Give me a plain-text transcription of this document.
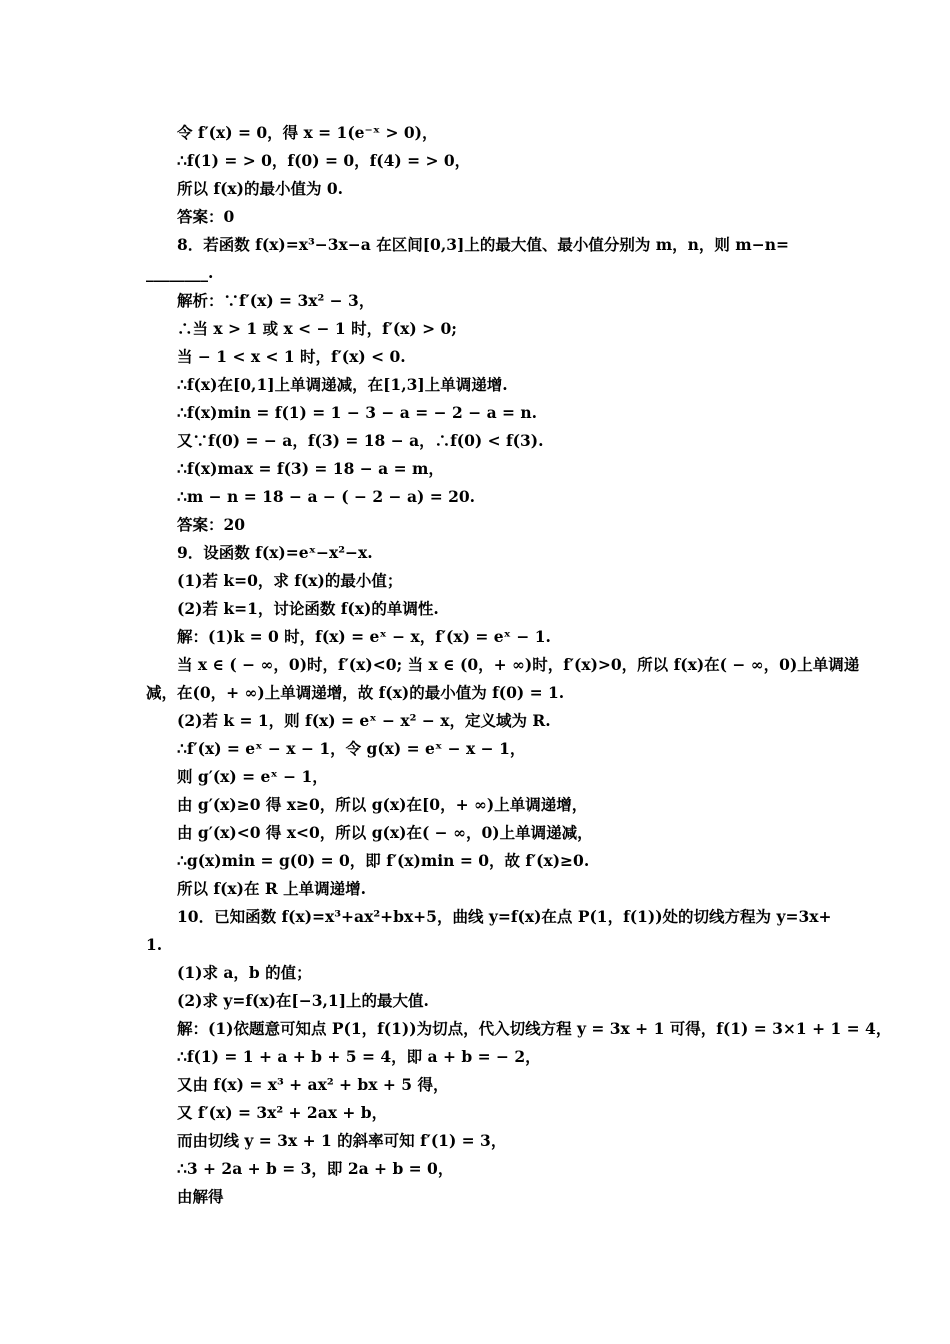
令 f′(x) = 0，得 x = 1(e⁻ˣ > 0)，
∴f(1) = > 0，f(0) = 0，f(4) = > 0，
所以 f(x)的最小值为 0.
答案：0
8．若函数 f(x)=x³−3x−a 在区间[0,3]上的最大值、最小值分别为 m，n，则 m−n=
________.
解析：∵f′(x) = 3x² − 3，
∴当 x > 1 或 x < − 1 时，f′(x) > 0;
当 − 1 < x < 1 时，f′(x) < 0.
∴f(x)在[0,1]上单调递减，在[1,3]上单调递增.
∴f(x)min = f(1) = 1 − 3 − a = − 2 − a = n.
又∵f(0) = − a，f(3) = 18 − a，∴f(0) < f(3).
∴f(x)max = f(3) = 18 − a = m，
∴m − n = 18 − a − ( − 2 − a) = 20.
答案：20
9．设函数 f(x)=eˣ−x²−x.
(1)若 k=0，求 f(x)的最小值；
(2)若 k=1，讨论函数 f(x)的单调性.
解：(1)k = 0 时，f(x) = eˣ − x，f′(x) = eˣ − 1.
当 x ∈ ( − ∞，0)时，f′(x)<0; 当 x ∈ (0，+ ∞)时，f′(x)>0，所以 f(x)在( − ∞，0)上单调递
减，在(0，+ ∞)上单调递增，故 f(x)的最小值为 f(0) = 1.
(2)若 k = 1，则 f(x) = eˣ − x² − x，定义域为 R.
∴f′(x) = eˣ − x − 1，令 g(x) = eˣ − x − 1，
则 g′(x) = eˣ − 1，
由 g′(x)≥0 得 x≥0，所以 g(x)在[0，+ ∞)上单调递增，
由 g′(x)<0 得 x<0，所以 g(x)在( − ∞，0)上单调递减，
∴g(x)min = g(0) = 0，即 f′(x)min = 0，故 f′(x)≥0.
所以 f(x)在 R 上单调递增.
10．已知函数 f(x)=x³+ax²+bx+5，曲线 y=f(x)在点 P(1，f(1))处的切线方程为 y=3x+
1.
(1)求 a，b 的值；
(2)求 y=f(x)在[−3,1]上的最大值.
解：(1)依题意可知点 P(1，f(1))为切点，代入切线方程 y = 3x + 1 可得，f(1) = 3×1 + 1 = 4，
∴f(1) = 1 + a + b + 5 = 4，即 a + b = − 2，
又由 f(x) = x³ + ax² + bx + 5 得，
又 f′(x) = 3x² + 2ax + b，
而由切线 y = 3x + 1 的斜率可知 f′(1) = 3，
∴3 + 2a + b = 3，即 2a + b = 0，
由解得
